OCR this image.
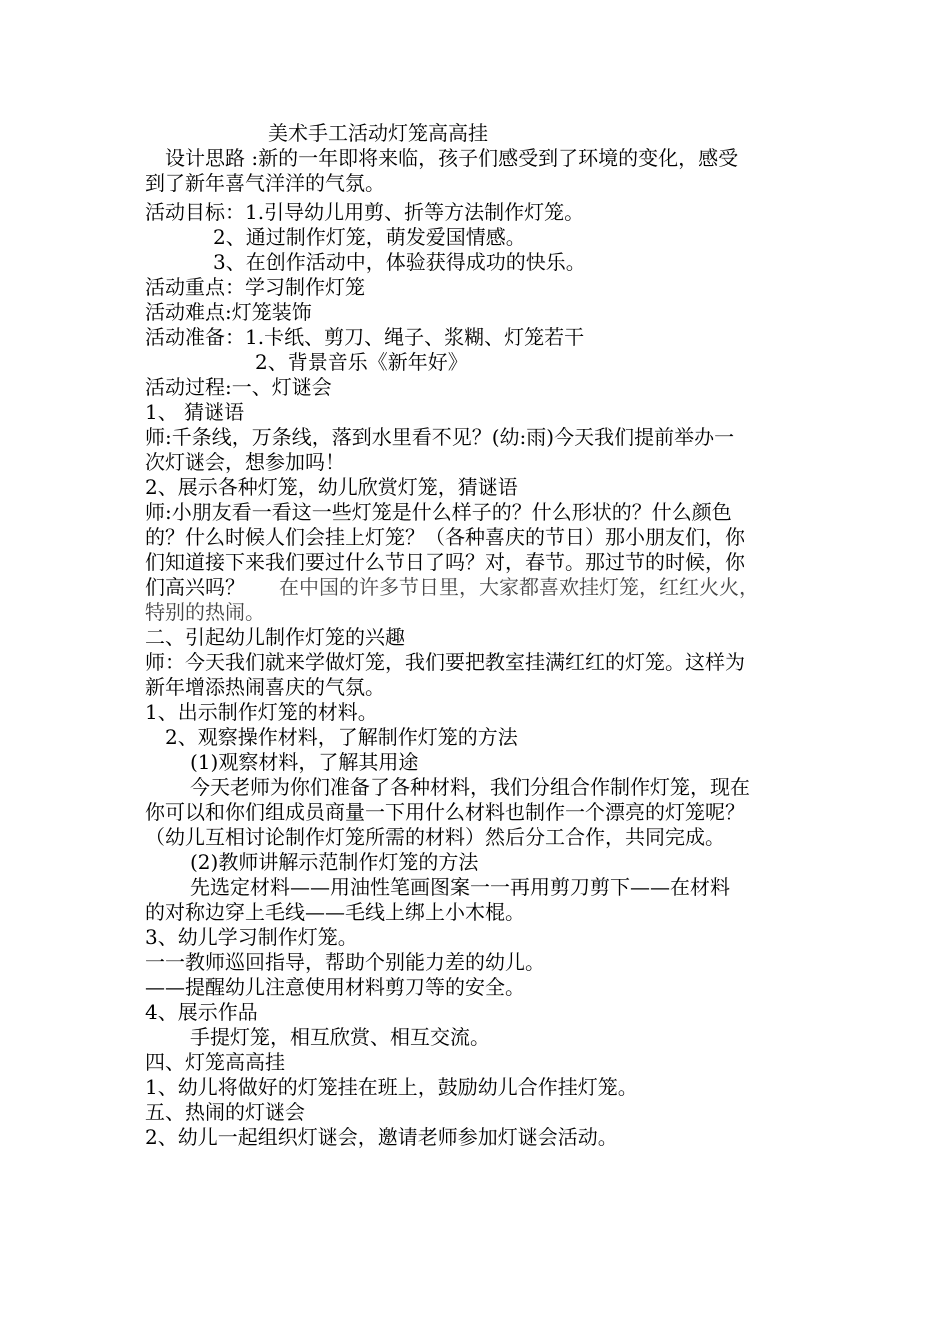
美术手工活动灯笼高高挂
设计思路 :新的一年即将来临，孩子们感受到了环境的变化，感受
到了新年喜气洋洋的气氛。
活动目标：1.引导幼儿用剪、折等方法制作灯笼。
2、通过制作灯笼，萌发爱国情感。
3、在创作活动中，体验获得成功的快乐。
活动重点：学习制作灯笼
活动难点:灯笼装饰
活动准备：1.卡纸、剪刀、绳子、浆糊、灯笼若干
2、背景音乐《新年好》
活动过程:一、灯谜会
1、 猜谜语
师:千条线，万条线，落到水里看不见？(幼:雨)今天我们提前举办一
次灯谜会，想参加吗！
2、展示各种灯笼，幼儿欣赏灯笼，猜谜语
师:小朋友看一看这一些灯笼是什么样子的？什么形状的？什么颜色
的？什么时候人们会挂上灯笼？（各种喜庆的节日）那小朋友们，你
们知道接下来我们要过什么节日了吗？对，春节。那过节的时候，你
们高兴吗？ 在中国的许多节日里，大家都喜欢挂灯笼，红红火火，
特别的热闹。
二、引起幼儿制作灯笼的兴趣
师：今天我们就来学做灯笼，我们要把教室挂满红红的灯笼。这样为
新年增添热闹喜庆的气氛。
1、出示制作灯笼的材料。
2、观察操作材料，了解制作灯笼的方法
(1)观察材料，了解其用途
今天老师为你们准备了各种材料，我们分组合作制作灯笼，现在
你可以和你们组成员商量一下用什么材料也制作一个漂亮的灯笼呢？
（幼儿互相讨论制作灯笼所需的材料）然后分工合作，共同完成。
(2)教师讲解示范制作灯笼的方法
先选定材料——用油性笔画图案一一再用剪刀剪下——在材料
的对称边穿上毛线——毛线上绑上小木棍。
3、幼儿学习制作灯笼。
一一教师巡回指导，帮助个别能力差的幼儿。
——提醒幼儿注意使用材料剪刀等的安全。
4、展示作品
手提灯笼，相互欣赏、相互交流。
四、灯笼高高挂
1、幼儿将做好的灯笼挂在班上，鼓励幼儿合作挂灯笼。
五、热闹的灯谜会
2、幼儿一起组织灯谜会，邀请老师参加灯谜会活动。
